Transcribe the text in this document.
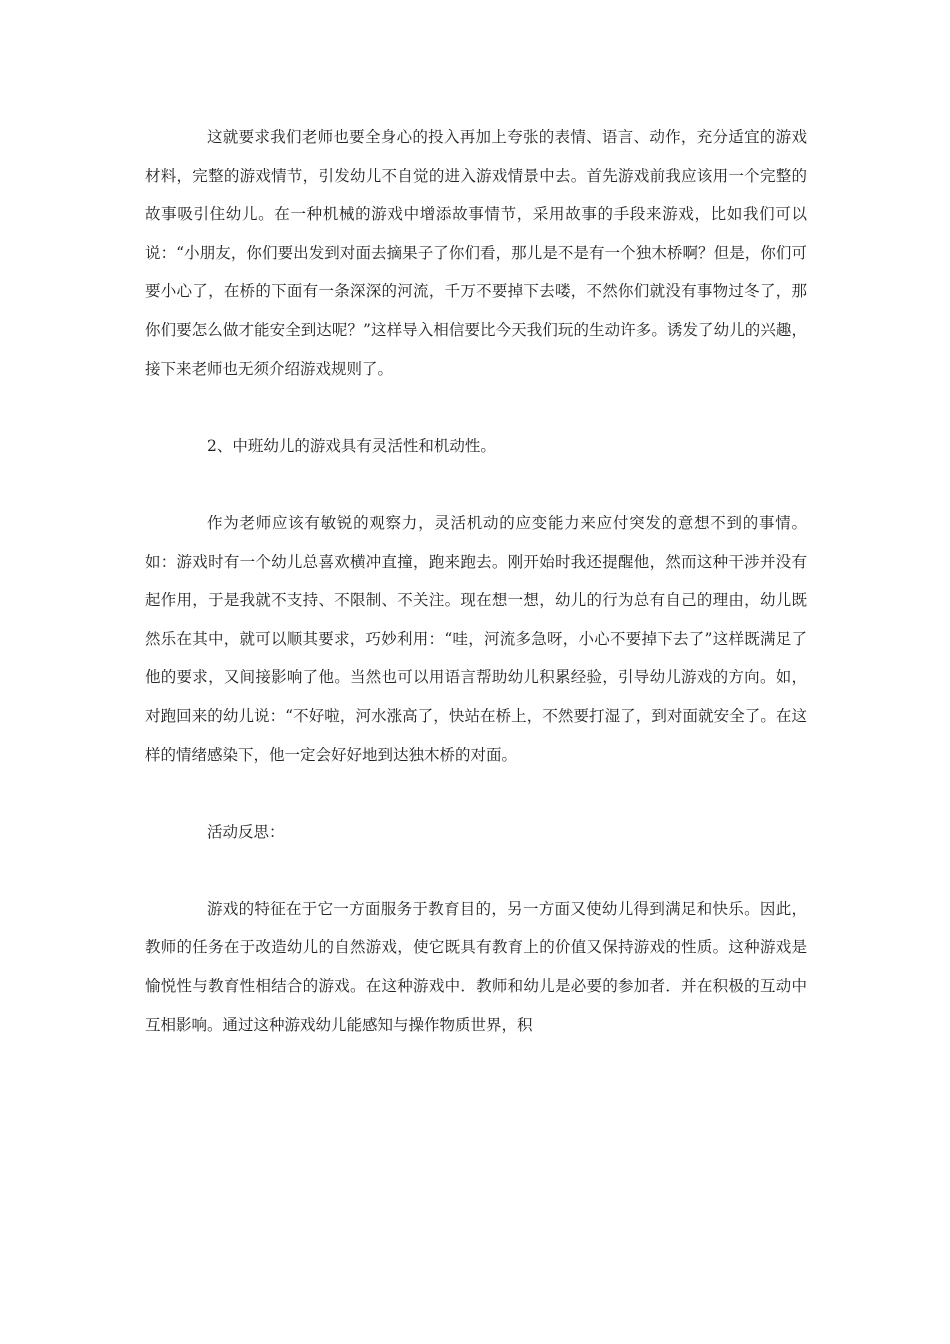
这就要求我们老师也要全身心的投入再加上夸张的表情、语言、动作，充分适宜的游戏材料，完整的游戏情节，引发幼儿不自觉的进入游戏情景中去。首先游戏前我应该用一个完整的故事吸引住幼儿。在一种机械的游戏中增添故事情节，采用故事的手段来游戏，比如我们可以说：“小朋友，你们要出发到对面去摘果子了你们看，那儿是不是有一个独木桥啊？但是，你们可要小心了，在桥的下面有一条深深的河流，千万不要掉下去喽，不然你们就没有事物过冬了，那你们要怎么做才能安全到达呢？”这样导入相信要比今天我们玩的生动许多。诱发了幼儿的兴趣，接下来老师也无须介绍游戏规则了。

2、中班幼儿的游戏具有灵活性和机动性。

作为老师应该有敏锐的观察力，灵活机动的应变能力来应付突发的意想不到的事情。如：游戏时有一个幼儿总喜欢横冲直撞，跑来跑去。刚开始时我还提醒他，然而这种干涉并没有起作用，于是我就不支持、不限制、不关注。现在想一想，幼儿的行为总有自己的理由，幼儿既然乐在其中，就可以顺其要求，巧妙利用：“哇，河流多急呀，小心不要掉下去了”这样既满足了他的要求，又间接影响了他。当然也可以用语言帮助幼儿积累经验，引导幼儿游戏的方向。如，对跑回来的幼儿说：“不好啦，河水涨高了，快站在桥上，不然要打湿了，到对面就安全了。在这样的情绪感染下，他一定会好好地到达独木桥的对面。

活动反思：

游戏的特征在于它一方面服务于教育目的，另一方面又使幼儿得到满足和快乐。因此，教师的任务在于改造幼儿的自然游戏，使它既具有教育上的价值又保持游戏的性质。这种游戏是愉悦性与教育性相结合的游戏。在这种游戏中．教师和幼儿是必要的参加者．并在积极的互动中互相影响。通过这种游戏幼儿能感知与操作物质世界，积
